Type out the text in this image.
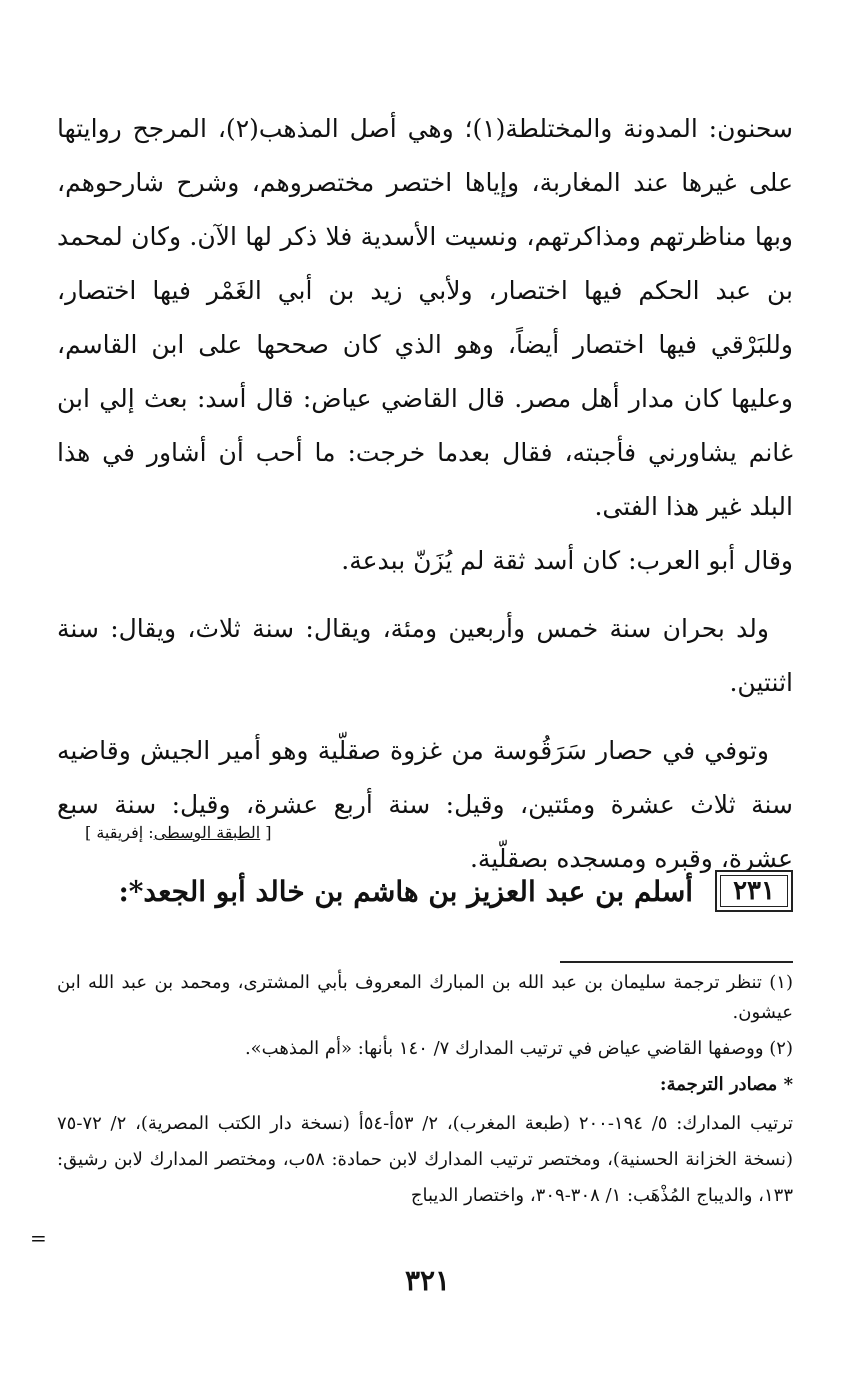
سحنون: المدونة والمختلطة(١)؛ وهي أصل المذهب(٢)، المرجح روايتها على غيرها عند المغاربة، وإياها اختصر مختصروهم، وشرح شارحوهم، وبها مناظرتهم ومذاكرتهم، ونسيت الأسدية فلا ذكر لها الآن. وكان لمحمد بن عبد الحكم فيها اختصار، ولأبي زيد بن أبي الغَمْر فيها اختصار، وللبَرْقي فيها اختصار أيضاً، وهو الذي كان صححها على ابن القاسم، وعليها كان مدار أهل مصر. قال القاضي عياض: قال أسد: بعث إلي ابن غانم يشاورني فأجبته، فقال بعدما خرجت: ما أحب أن أشاور في هذا البلد غير هذا الفتى.

وقال أبو العرب: كان أسد ثقة لم يُزَنّ ببدعة.

ولد بحران سنة خمس وأربعين ومئة، ويقال: سنة ثلاث، ويقال: سنة اثنتين.

وتوفي في حصار سَرَقُوسة من غزوة صقلّية وهو أمير الجيش وقاضيه سنة ثلاث عشرة ومئتين، وقيل: سنة أربع عشرة، وقيل: سنة سبع عشرة، وقبره ومسجده بصقلّية.

[ الطبقة الوسطى: إفريقية ]
٢٣١
أسلم بن عبد العزيز بن هاشم بن خالد أبو الجعد*:

(١) تنظر ترجمة سليمان بن عبد الله بن المبارك المعروف بأبي المشترى، ومحمد بن عبد الله ابن عيشون.

(٢) ووصفها القاضي عياض في ترتيب المدارك ٧/ ١٤٠ بأنها: «أم المذهب».

* مصادر الترجمة:

ترتيب المدارك: ٥/ ١٩٤-٢٠٠ (طبعة المغرب)، ٢/ ٥٣أ-٥٤أ (نسخة دار الكتب المصرية)، ٢/ ٧٢-٧٥ (نسخة الخزانة الحسنية)، ومختصر ترتيب المدارك لابن حمادة: ٥٨ب، ومختصر المدارك لابن رشيق: ١٣٣، والديباج المُذْهَب: ١/ ٣٠٨-٣٠٩، واختصار الديباج

=
٣٢١
